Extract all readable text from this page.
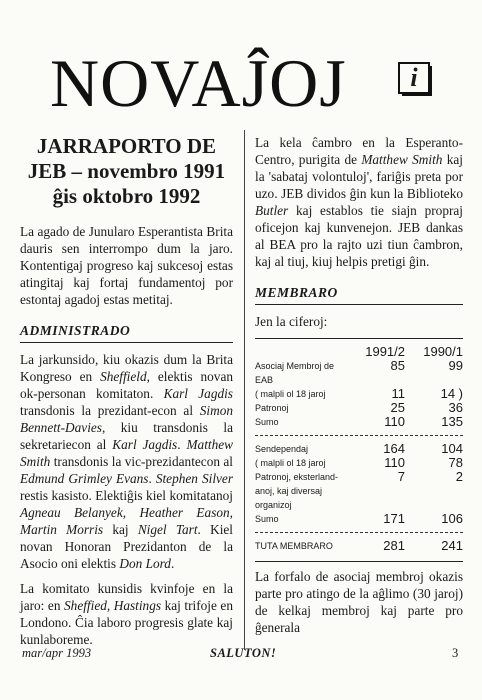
NOVAĴOJ	i
JARRAPORTO DE
JEB – novembro 1991
ĝis oktobro 1992

La agado de Junularo Esperantista Brita dauris sen interrompo dum la jaro. Kontentigaj progreso kaj sukcesoj estas atingitaj kaj fortaj fundamentoj por estontaj agadoj estas metitaj.

ADMINISTRADO

La jarkunsido, kiu okazis dum la Brita Kongreso en Sheffield, elektis novan ok-personan komitaton. Karl Jagdis transdonis la prezidant-econ al Simon Bennett-Davies, kiu transdonis la sekretariecon al Karl Jagdis. Matthew Smith transdonis la vic-prezidantecon al Edmund Grimley Evans. Stephen Silver restis kasisto. Elektiĝis kiel komitatanoj Agneau Belanyek, Heather Eason, Martin Morris kaj Nigel Tart. Kiel novan Honoran Prezidanton de la Asocio oni elektis Don Lord.

La komitato kunsidis kvinfoje en la jaro: en Sheffied, Hastings kaj trifoje en Londono. Ĉia laboro progresis glate kaj kunlaboreme.

La kela ĉambro en la Esperanto-Centro, purigita de Matthew Smith kaj la 'sabataj volontuloj', fariĝis preta por uzo. JEB dividos ĝin kun la Biblioteko Butler kaj establos tie siajn propraj oficejon kaj kunvenejon. JEB dankas al BEA pro la rajto uzi tiun ĉambron, kaj al tiuj, kiuj helpis pretigi ĝin.

MEMBRARO
Jen la ciferoj:
	1991/2	1990/1
Asociaj Membroj de EAB	85	99
( malpli ol 18 jaroj	11	14 )
Patronoj	25	36
Sumo	110	135

Sendependaj	164	104
( malpli ol 18 jaroj	110	78
Patronoj, eksterland-anoj, kaj diversaj organizoj	7	2
Sumo	171	106

TUTA MEMBRARO	281	241

La forfalo de asociaj membroj okazis parte pro atingo de la aĝlimo (30 jaroj) de kelkaj membroj kaj parte pro ĝenerala

mar/apr 1993	SALUTON!	3
